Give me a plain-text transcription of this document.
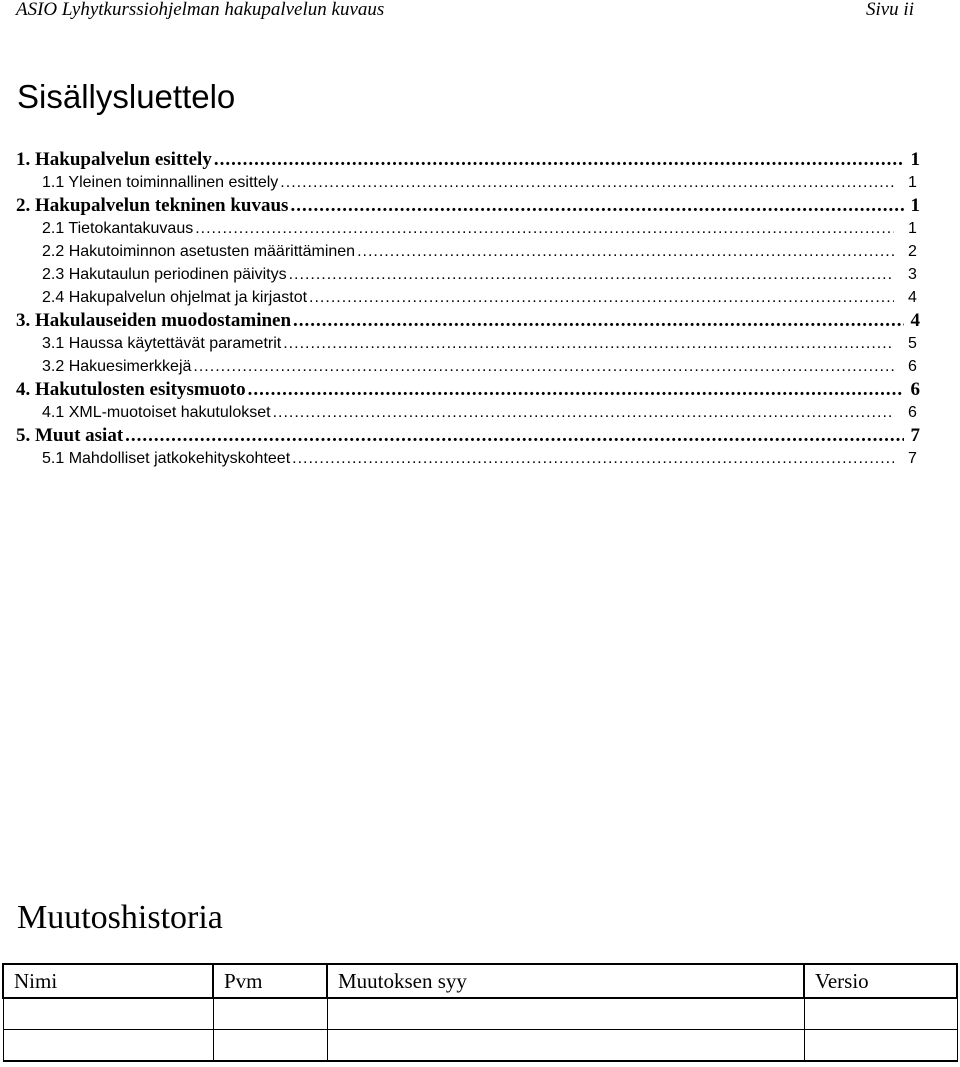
ASIO Lyhytkurssiohjelman hakupalvelun kuvaus	Sivu ii
Sisällysluettelo
1. Hakupalvelun esittely .....	1
1.1 Yleinen toiminnallinen esittely .....	1
2. Hakupalvelun tekninen kuvaus .....	1
2.1 Tietokantakuvaus .....	1
2.2 Hakutoiminnon asetusten määrittäminen .....	2
2.3 Hakutaulun periodinen päivitys .....	3
2.4 Hakupalvelun ohjelmat ja kirjastot .....	4
3. Hakulauseiden muodostaminen .....	4
3.1 Haussa käytettävät parametrit .....	5
3.2 Hakuesimerkkejä .....	6
4. Hakutulosten esitysmuoto .....	6
4.1 XML-muotoiset hakutulokset .....	6
5. Muut asiat .....	7
5.1 Mahdolliset jatkokehityskohteet .....	7
Muutoshistoria
Nimi	Pvm	Muutoksen syy	Versio
